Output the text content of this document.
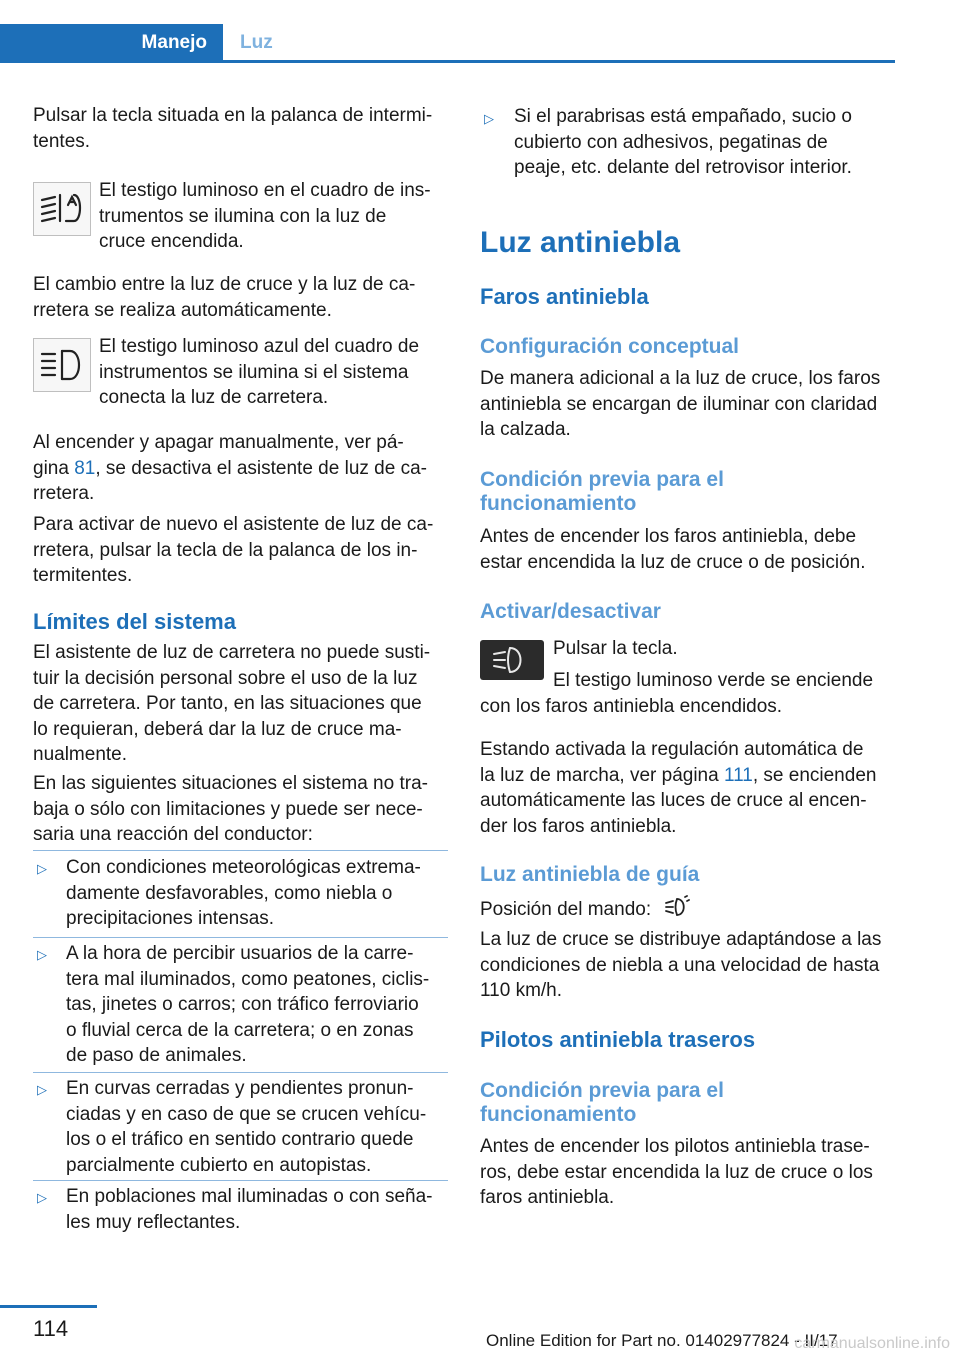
Manejo Luz
Pulsar la tecla situada en la palanca de intermi‐
tentes.
El testigo luminoso en el cuadro de ins‐
trumentos se ilumina con la luz de
cruce encendida.
El cambio entre la luz de cruce y la luz de ca‐
rretera se realiza automáticamente.
El testigo luminoso azul del cuadro de
instrumentos se ilumina si el sistema
conecta la luz de carretera.
Al encender y apagar manualmente, ver pá‐
gina 81, se desactiva el asistente de luz de ca‐
rretera.
Para activar de nuevo el asistente de luz de ca‐
rretera, pulsar la tecla de la palanca de los in‐
termitentes.
Límites del sistema
El asistente de luz de carretera no puede susti‐
tuir la decisión personal sobre el uso de la luz
de carretera. Por tanto, en las situaciones que
lo requieran, deberá dar la luz de cruce ma‐
nualmente.
En las siguientes situaciones el sistema no tra‐
baja o sólo con limitaciones y puede ser nece‐
saria una reacción del conductor:
▷ Con condiciones meteorológicas extrema‐
damente desfavorables, como niebla o
precipitaciones intensas.
▷ A la hora de percibir usuarios de la carre‐
tera mal iluminados, como peatones, ciclis‐
tas, jinetes o carros; con tráfico ferroviario
o fluvial cerca de la carretera; o en zonas
de paso de animales.
▷ En curvas cerradas y pendientes pronun‐
ciadas y en caso de que se crucen vehícu‐
los o el tráfico en sentido contrario quede
parcialmente cubierto en autopistas.
▷ En poblaciones mal iluminadas o con seña‐
les muy reflectantes.
▷ Si el parabrisas está empañado, sucio o
cubierto con adhesivos, pegatinas de
peaje, etc. delante del retrovisor interior.
Luz antiniebla
Faros antiniebla
Configuración conceptual
De manera adicional a la luz de cruce, los faros
antiniebla se encargan de iluminar con claridad
la calzada.
Condición previa para el
funcionamiento
Antes de encender los faros antiniebla, debe
estar encendida la luz de cruce o de posición.
Activar/desactivar
Pulsar la tecla.
El testigo luminoso verde se enciende
con los faros antiniebla encendidos.
Estando activada la regulación automática de
la luz de marcha, ver página 111, se encienden
automáticamente las luces de cruce al encen‐
der los faros antiniebla.
Luz antiniebla de guía
Posición del mando:
La luz de cruce se distribuye adaptándose a las
condiciones de niebla a una velocidad de hasta
110 km/h.
Pilotos antiniebla traseros
Condición previa para el
funcionamiento
Antes de encender los pilotos antiniebla trase‐
ros, debe estar encendida la luz de cruce o los
faros antiniebla.
114	Online Edition for Part no. 01402977824 - II/17
carmanualsonline.info
